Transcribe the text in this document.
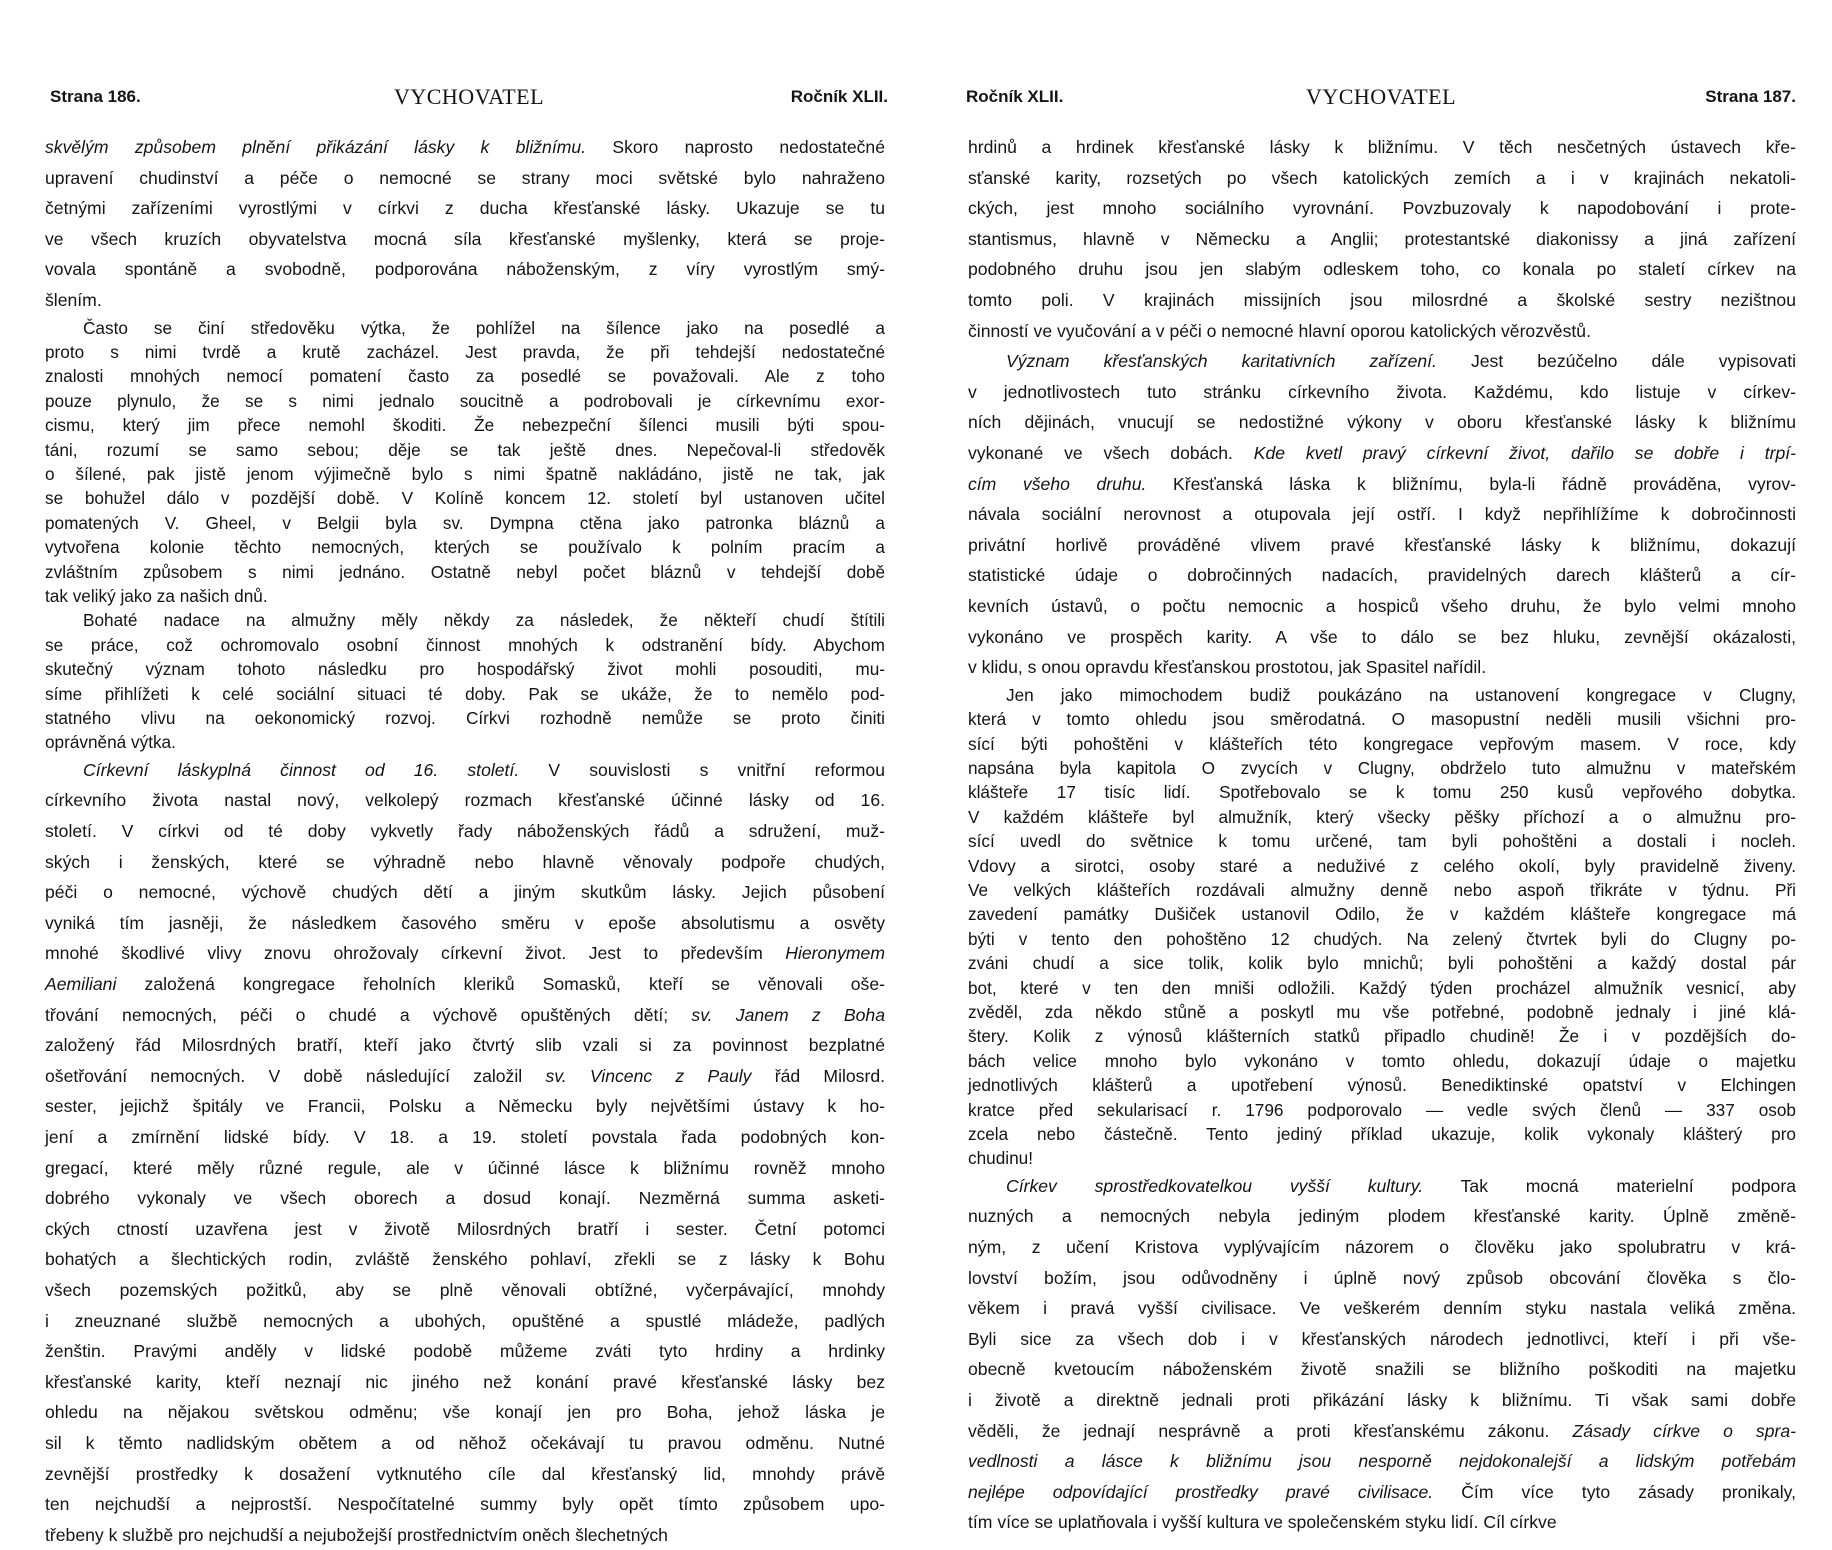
Strana 186.	VYCHOVATEL	Ročník XLII.

skvělým způsobem plnění přikázání lásky k bližnímu. Skoro naprosto nedostatečné

upravení chudinství a péče o nemocné se strany moci světské bylo nahraženo

četnými zařízeními vyrostlými v církvi z ducha křesťanské lásky. Ukazuje se tu

ve všech kruzích obyvatelstva mocná síla křesťanské myšlenky, která se proje-

vovala spontáně a svobodně, podporována náboženským, z víry vyrostlým smý-

šlením.

Často se činí středověku výtka, že pohlížel na šílence jako na posedlé a

proto s nimi tvrdě a krutě zacházel. Jest pravda, že při tehdejší nedostatečné

znalosti mnohých nemocí pomatení často za posedlé se považovali. Ale z toho

pouze plynulo, že se s nimi jednalo soucitně a podrobovali je církevnímu exor-

cismu, který jim přece nemohl škoditi. Že nebezpeční šílenci musili býti spou-

táni, rozumí se samo sebou; děje se tak ještě dnes. Nepečoval-li středověk

o šílené, pak jistě jenom výjimečně bylo s nimi špatně nakládáno, jistě ne tak, jak

se bohužel dálo v pozdější době. V Kolíně koncem 12. století byl ustanoven učitel

pomatených V. Gheel, v Belgii byla sv. Dympna ctěna jako patronka bláznů a

vytvořena kolonie těchto nemocných, kterých se používalo k polním pracím a

zvláštním způsobem s nimi jednáno. Ostatně nebyl počet bláznů v tehdejší době

tak veliký jako za našich dnů.

Bohaté nadace na almužny měly někdy za následek, že někteří chudí štítili

se práce, což ochromovalo osobní činnost mnohých k odstranění bídy. Abychom

skutečný význam tohoto následku pro hospodářský život mohli posouditi, mu-

síme přihlížeti k celé sociální situaci té doby. Pak se ukáže, že to nemělo pod-

statného vlivu na oekonomický rozvoj. Církvi rozhodně nemůže se proto činiti

oprávněná výtka.

Církevní láskyplná činnost od 16. století. V souvislosti s vnitřní reformou

církevního života nastal nový, velkolepý rozmach křesťanské účinné lásky od 16.

století. V církvi od té doby vykvetly řady náboženských řádů a sdružení, muž-

ských i ženských, které se výhradně nebo hlavně věnovaly podpoře chudých,

péči o nemocné, výchově chudých dětí a jiným skutkům lásky. Jejich působení

vyniká tím jasněji, že následkem časového směru v epoše absolutismu a osvěty

mnohé škodlivé vlivy znovu ohrožovaly církevní život. Jest to především Hieronymem

Aemiliani založená kongregace řeholních kleriků Somasků, kteří se věnovali oše-

třování nemocných, péči o chudé a výchově opuštěných dětí; sv. Janem z Boha

založený řád Milosrdných bratří, kteří jako čtvrtý slib vzali si za povinnost bezplatné

ošetřování nemocných. V době následující založil sv. Vincenc z Pauly řád Milosrd.

sester, jejichž špitály ve Francii, Polsku a Německu byly největšími ústavy k ho-

jení a zmírnění lidské bídy. V 18. a 19. století povstala řada podobných kon-

gregací, které měly různé regule, ale v účinné lásce k bližnímu rovněž mnoho

dobrého vykonaly ve všech oborech a dosud konají. Nezměrná summa asketi-

ckých ctností uzavřena jest v životě Milosrdných bratří i sester. Četní potomci

bohatých a šlechtických rodin, zvláště ženského pohlaví, zřekli se z lásky k Bohu

všech pozemských požitků, aby se plně věnovali obtížné, vyčerpávající, mnohdy

i zneuznané službě nemocných a ubohých, opuštěné a spustlé mládeže, padlých

ženštin. Pravými anděly v lidské podobě můžeme zváti tyto hrdiny a hrdinky

křesťanské karity, kteří neznají nic jiného než konání pravé křesťanské lásky bez

ohledu na nějakou světskou odměnu; vše konají jen pro Boha, jehož láska je

sil k těmto nadlidským obětem a od něhož očekávají tu pravou odměnu. Nutné

zevnější prostředky k dosažení vytknutého cíle dal křesťanský lid, mnohdy právě

ten nejchudší a nejprostší. Nespočítatelné summy byly opět tímto způsobem upo-

třebeny k službě pro nejchudší a nejubožejší prostřednictvím oněch šlechetných

Ročník XLII.	VYCHOVATEL	Strana 187.

hrdinů a hrdinek křesťanské lásky k bližnímu. V těch nesčetných ústavech kře-

sťanské karity, rozsetých po všech katolických zemích a i v krajinách nekatoli-

ckých, jest mnoho sociálního vyrovnání. Povzbuzovaly k napodobování i prote-

stantismus, hlavně v Německu a Anglii; protestantské diakonissy a jiná zařízení

podobného druhu jsou jen slabým odleskem toho, co konala po staletí církev na

tomto poli. V krajinách missijních jsou milosrdné a školské sestry nezištnou

činností ve vyučování a v péči o nemocné hlavní oporou katolických věrozvěstů.

Význam křesťanských karitativních zařízení. Jest bezúčelno dále vypisovati

v jednotlivostech tuto stránku církevního života. Každému, kdo listuje v církev-

ních dějinách, vnucují se nedostižné výkony v oboru křesťanské lásky k bližnímu

vykonané ve všech dobách. Kde kvetl pravý církevní život, dařilo se dobře i trpí-

cím všeho druhu. Křesťanská láska k bližnímu, byla-li řádně prováděna, vyrov-

návala sociální nerovnost a otupovala její ostří. I když nepřihlížíme k dobročinnosti

privátní horlivě prováděné vlivem pravé křesťanské lásky k bližnímu, dokazují

statistické údaje o dobročinných nadacích, pravidelných darech klášterů a cír-

kevních ústavů, o počtu nemocnic a hospiců všeho druhu, že bylo velmi mnoho

vykonáno ve prospěch karity. A vše to dálo se bez hluku, zevnější okázalosti,

v klidu, s onou opravdu křesťanskou prostotou, jak Spasitel nařídil.

Jen jako mimochodem budiž poukázáno na ustanovení kongregace v Clugny,

která v tomto ohledu jsou směrodatná. O masopustní neděli musili všichni pro-

sící býti pohoštěni v klášteřích této kongregace vepřovým masem. V roce, kdy

napsána byla kapitola O zvycích v Clugny, obdrželo tuto almužnu v mateřském

klášteře 17 tisíc lidí. Spotřebovalo se k tomu 250 kusů vepřového dobytka.

V každém klášteře byl almužník, který všecky pěšky příchozí a o almužnu pro-

sící uvedl do světnice k tomu určené, tam byli pohoštěni a dostali i nocleh.

Vdovy a sirotci, osoby staré a neduživé z celého okolí, byly pravidelně živeny.

Ve velkých klášteřích rozdávali almužny denně nebo aspoň třikráte v týdnu. Při

zavedení památky Dušiček ustanovil Odilo, že v každém klášteře kongregace má

býti v tento den pohoštěno 12 chudých. Na zelený čtvrtek byli do Clugny po-

zváni chudí a sice tolik, kolik bylo mnichů; byli pohoštěni a každý dostal pár

bot, které v ten den mniši odložili. Každý týden procházel almužník vesnicí, aby

zvěděl, zda někdo stůně a poskytl mu vše potřebné, podobně jednaly i jiné klá-

štery. Kolik z výnosů klášterních statků připadlo chudině! Že i v pozdějších do-

bách velice mnoho bylo vykonáno v tomto ohledu, dokazují údaje o majetku

jednotlivých klášterů a upotřebení výnosů. Benediktinské opatství v Elchingen

kratce před sekularisací r. 1796 podporovalo — vedle svých členů — 337 osob

zcela nebo částečně. Tento jediný příklad ukazuje, kolik vykonaly klášterý pro

chudinu!

Církev sprostředkovatelkou vyšší kultury. Tak mocná materielní podpora

nuzných a nemocných nebyla jediným plodem křesťanské karity. Úplně změně-

ným, z učení Kristova vyplývajícím názorem o člověku jako spolubratru v krá-

lovství božím, jsou odůvodněny i úplně nový způsob obcování člověka s člo-

věkem i pravá vyšší civilisace. Ve veškerém denním styku nastala veliká změna.

Byli sice za všech dob i v křesťanských národech jednotlivci, kteří i při vše-

obecně kvetoucím náboženském životě snažili se bližního poškoditi na majetku

i životě a direktně jednali proti přikázání lásky k bližnímu. Ti však sami dobře

věděli, že jednají nesprávně a proti křesťanskému zákonu. Zásady církve o spra-

vedlnosti a lásce k bližnímu jsou nesporně nejdokonalejší a lidským potřebám

nejlépe odpovídající prostředky pravé civilisace. Čím více tyto zásady pronikaly,

tím více se uplatňovala i vyšší kultura ve společenském styku lidí. Cíl církve
